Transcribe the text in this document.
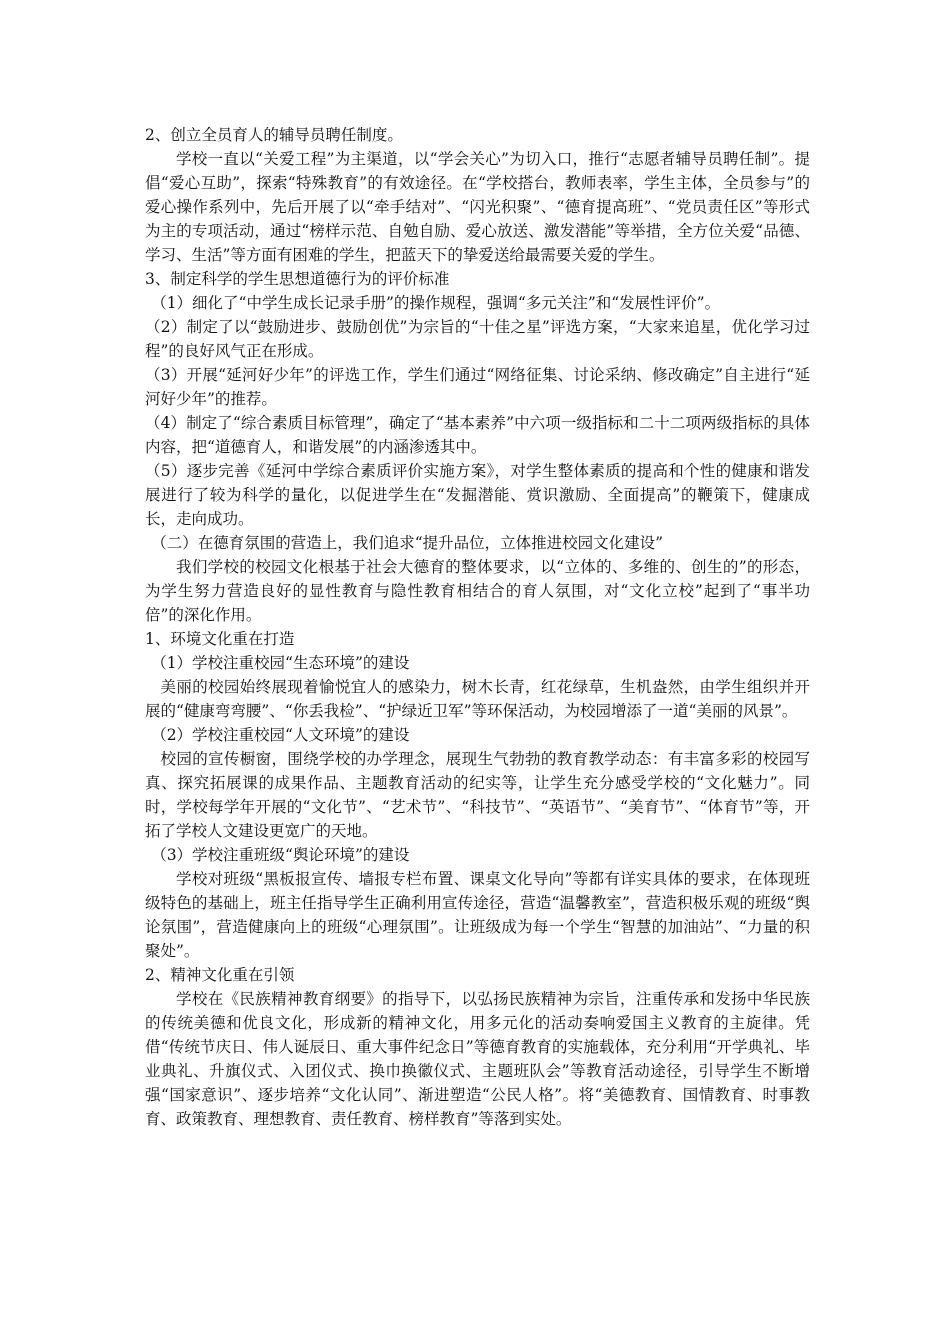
2、创立全员育人的辅导员聘任制度。

学校一直以“关爱工程”为主渠道，以“学会关心”为切入口，推行“志愿者辅导员聘任制”。提倡“爱心互助”，探索“特殊教育”的有效途径。在“学校搭台，教师表率，学生主体，全员参与”的爱心操作系列中，先后开展了以“牵手结对”、“闪光积聚”、“德育提高班”、“党员责任区”等形式为主的专项活动，通过“榜样示范、自勉自励、爱心放送、激发潜能”等举措，全方位关爱“品德、学习、生活”等方面有困难的学生，把蓝天下的挚爱送给最需要关爱的学生。

3、制定科学的学生思想道德行为的评价标准

（1）细化了“中学生成长记录手册”的操作规程，强调“多元关注”和“发展性评价”。

（2）制定了以“鼓励进步、鼓励创优”为宗旨的“十佳之星”评选方案，“大家来追星，优化学习过程”的良好风气正在形成。

（3）开展“延河好少年”的评选工作，学生们通过“网络征集、讨论采纳、修改确定”自主进行“延河好少年”的推荐。

（4）制定了“综合素质目标管理”，确定了“基本素养”中六项一级指标和二十二项两级指标的具体内容，把“道德育人，和谐发展”的内涵渗透其中。

（5）逐步完善《延河中学综合素质评价实施方案》，对学生整体素质的提高和个性的健康和谐发展进行了较为科学的量化，以促进学生在“发掘潜能、赏识激励、全面提高”的鞭策下，健康成长，走向成功。

（二）在德育氛围的营造上，我们追求“提升品位，立体推进校园文化建设”

我们学校的校园文化根基于社会大德育的整体要求，以“立体的、多维的、创生的”的形态，为学生努力营造良好的显性教育与隐性教育相结合的育人氛围，对“文化立校”起到了“事半功倍”的深化作用。

1、环境文化重在打造

（1）学校注重校园“生态环境”的建设

美丽的校园始终展现着愉悦宜人的感染力，树木长青，红花绿草，生机盎然，由学生组织并开展的“健康弯弯腰”、“你丢我检”、“护绿近卫军”等环保活动，为校园增添了一道“美丽的风景”。

（2）学校注重校园“人文环境”的建设

校园的宣传橱窗，围绕学校的办学理念，展现生气勃勃的教育教学动态：有丰富多彩的校园写真、探究拓展课的成果作品、主题教育活动的纪实等，让学生充分感受学校的“文化魅力”。同时，学校每学年开展的“文化节”、“艺术节”、“科技节”、“英语节”、“美育节”、“体育节”等，开拓了学校人文建设更宽广的天地。

（3）学校注重班级“舆论环境”的建设

学校对班级“黑板报宣传、墙报专栏布置、课桌文化导向”等都有详实具体的要求，在体现班级特色的基础上，班主任指导学生正确利用宣传途径，营造“温馨教室”，营造积极乐观的班级“舆论氛围”，营造健康向上的班级“心理氛围”。让班级成为每一个学生“智慧的加油站”、“力量的积聚处”。

2、精神文化重在引领

学校在《民族精神教育纲要》的指导下，以弘扬民族精神为宗旨，注重传承和发扬中华民族的传统美德和优良文化，形成新的精神文化，用多元化的活动奏响爱国主义教育的主旋律。凭借“传统节庆日、伟人诞辰日、重大事件纪念日”等德育教育的实施载体，充分利用“开学典礼、毕业典礼、升旗仪式、入团仪式、换巾换徽仪式、主题班队会”等教育活动途径，引导学生不断增强“国家意识”、逐步培养“文化认同”、渐进塑造“公民人格”。将“美德教育、国情教育、时事教育、政策教育、理想教育、责任教育、榜样教育”等落到实处。
